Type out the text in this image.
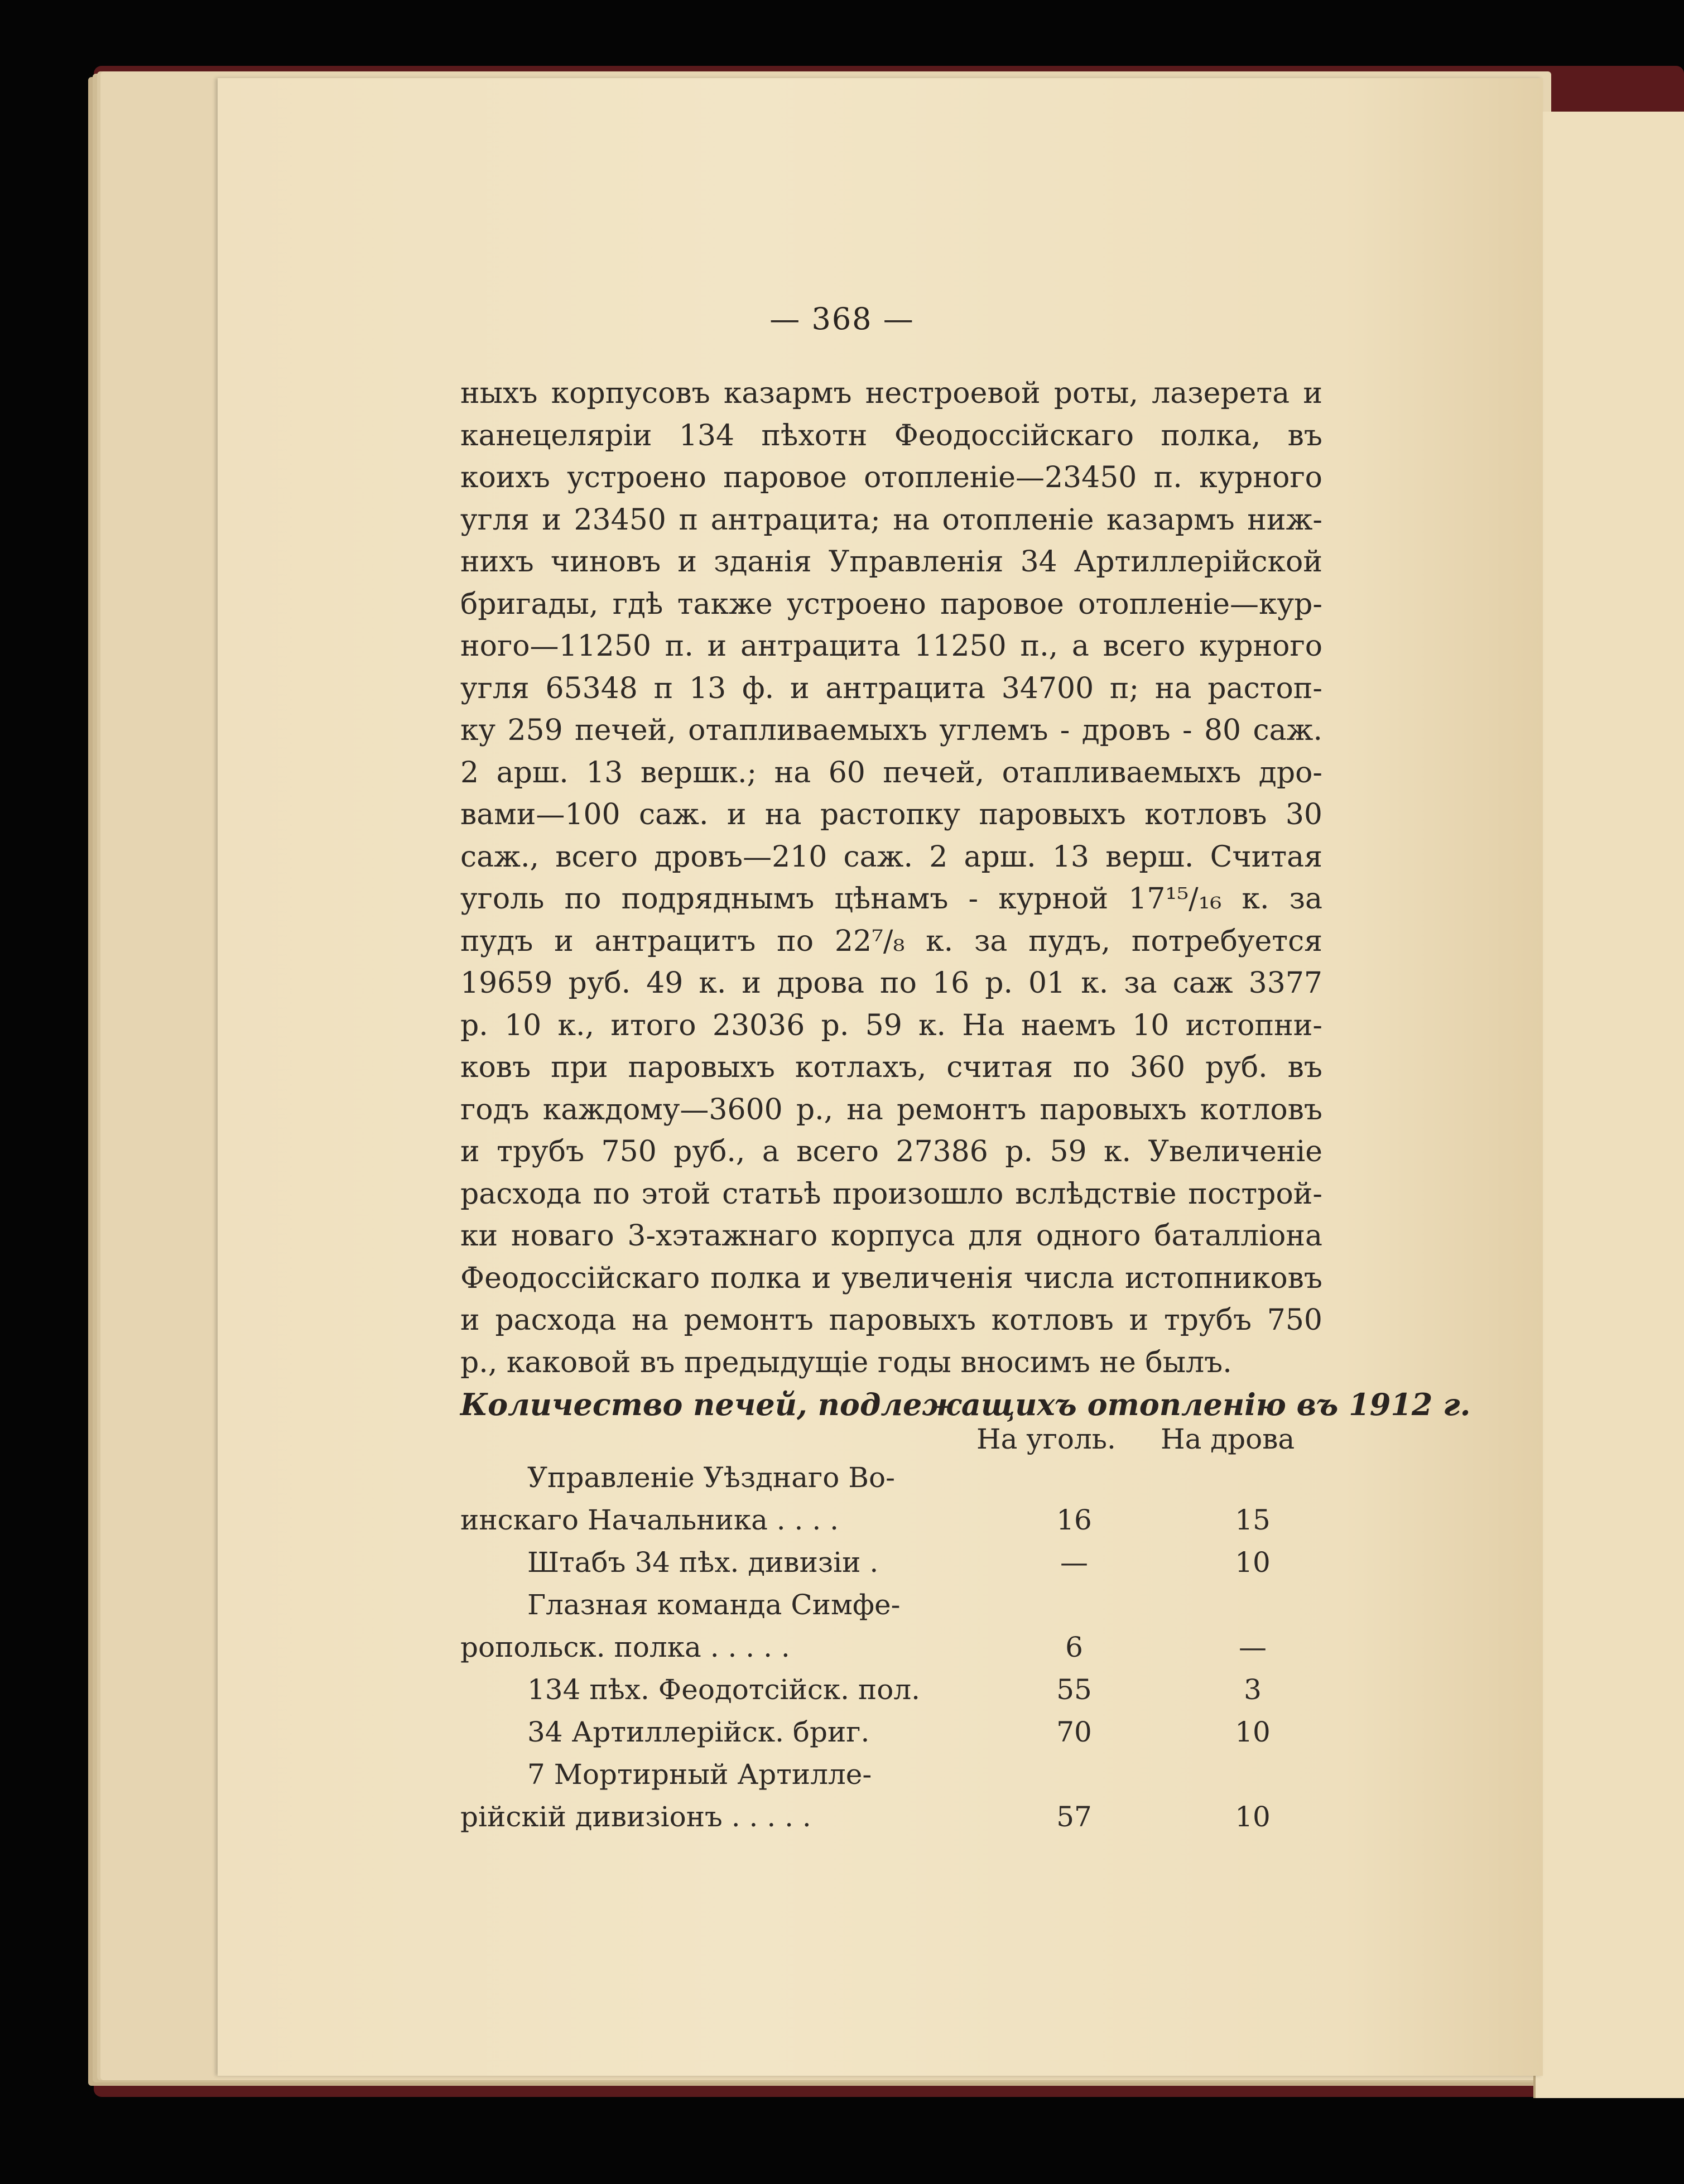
— 368 —
ныхъ корпусовъ казармъ нестроевой роты, лазерета и
канецеляріи 134 пѣхотн Феодоссійскаго полка, въ
коихъ устроено паровое отопленіе—23450 п. курного
угля и 23450 п антрацита; на отопленіе казармъ ниж-
нихъ чиновъ и зданія Управленія 34 Артиллерійской
бригады, гдѣ также устроено паровое отопленіе—кур-
ного—11250 п. и антрацита 11250 п., а всего курного
угля 65348 п 13 ф. и антрацита 34700 п; на растоп-
ку 259 печей, отапливаемыхъ углемъ - дровъ - 80 саж.
2 арш. 13 вершк.; на 60 печей, отапливаемыхъ дро-
вами—100 саж. и на растопку паровыхъ котловъ 30
саж., всего дровъ—210 саж. 2 арш. 13 верш. Считая
уголь по подряднымъ цѣнамъ - курной 17¹⁵/₁₆ к. за
пудъ и антрацитъ по 22⁷/₈ к. за пудъ, потребуется
19659 руб. 49 к. и дрова по 16 р. 01 к. за саж 3377
р. 10 к., итого 23036 р. 59 к. На наемъ 10 истопни-
ковъ при паровыхъ котлахъ, считая по 360 руб. въ
годъ каждому—3600 р., на ремонтъ паровыхъ котловъ
и трубъ 750 руб., а всего 27386 р. 59 к. Увеличеніе
расхода по этой статьѣ произошло вслѣдствіе построй-
ки новаго 3-хэтажнаго корпуса для одного баталліона
Феодоссійскаго полка и увеличенія числа истопниковъ
и расхода на ремонтъ паровыхъ котловъ и трубъ 750
р., каковой въ предыдущіе годы вносимъ не былъ.
Количество печей, подлежащихъ отопленію въ 1912 г.
На уголь. На дрова
Управленіе Уѣзднаго Во-
инскаго Начальника . . . .	16	15
Штабъ 34 пѣх. дивизіи .	—	10
Глазная команда Симфе-
ропольск. полка . . . . .	6	—
134 пѣх. Феодотсійск. пол.	55	3
34 Артиллерійск. бриг.	70	10
7 Мортирный Артилле-
рійскій дивизіонъ . . . . .	57	10
